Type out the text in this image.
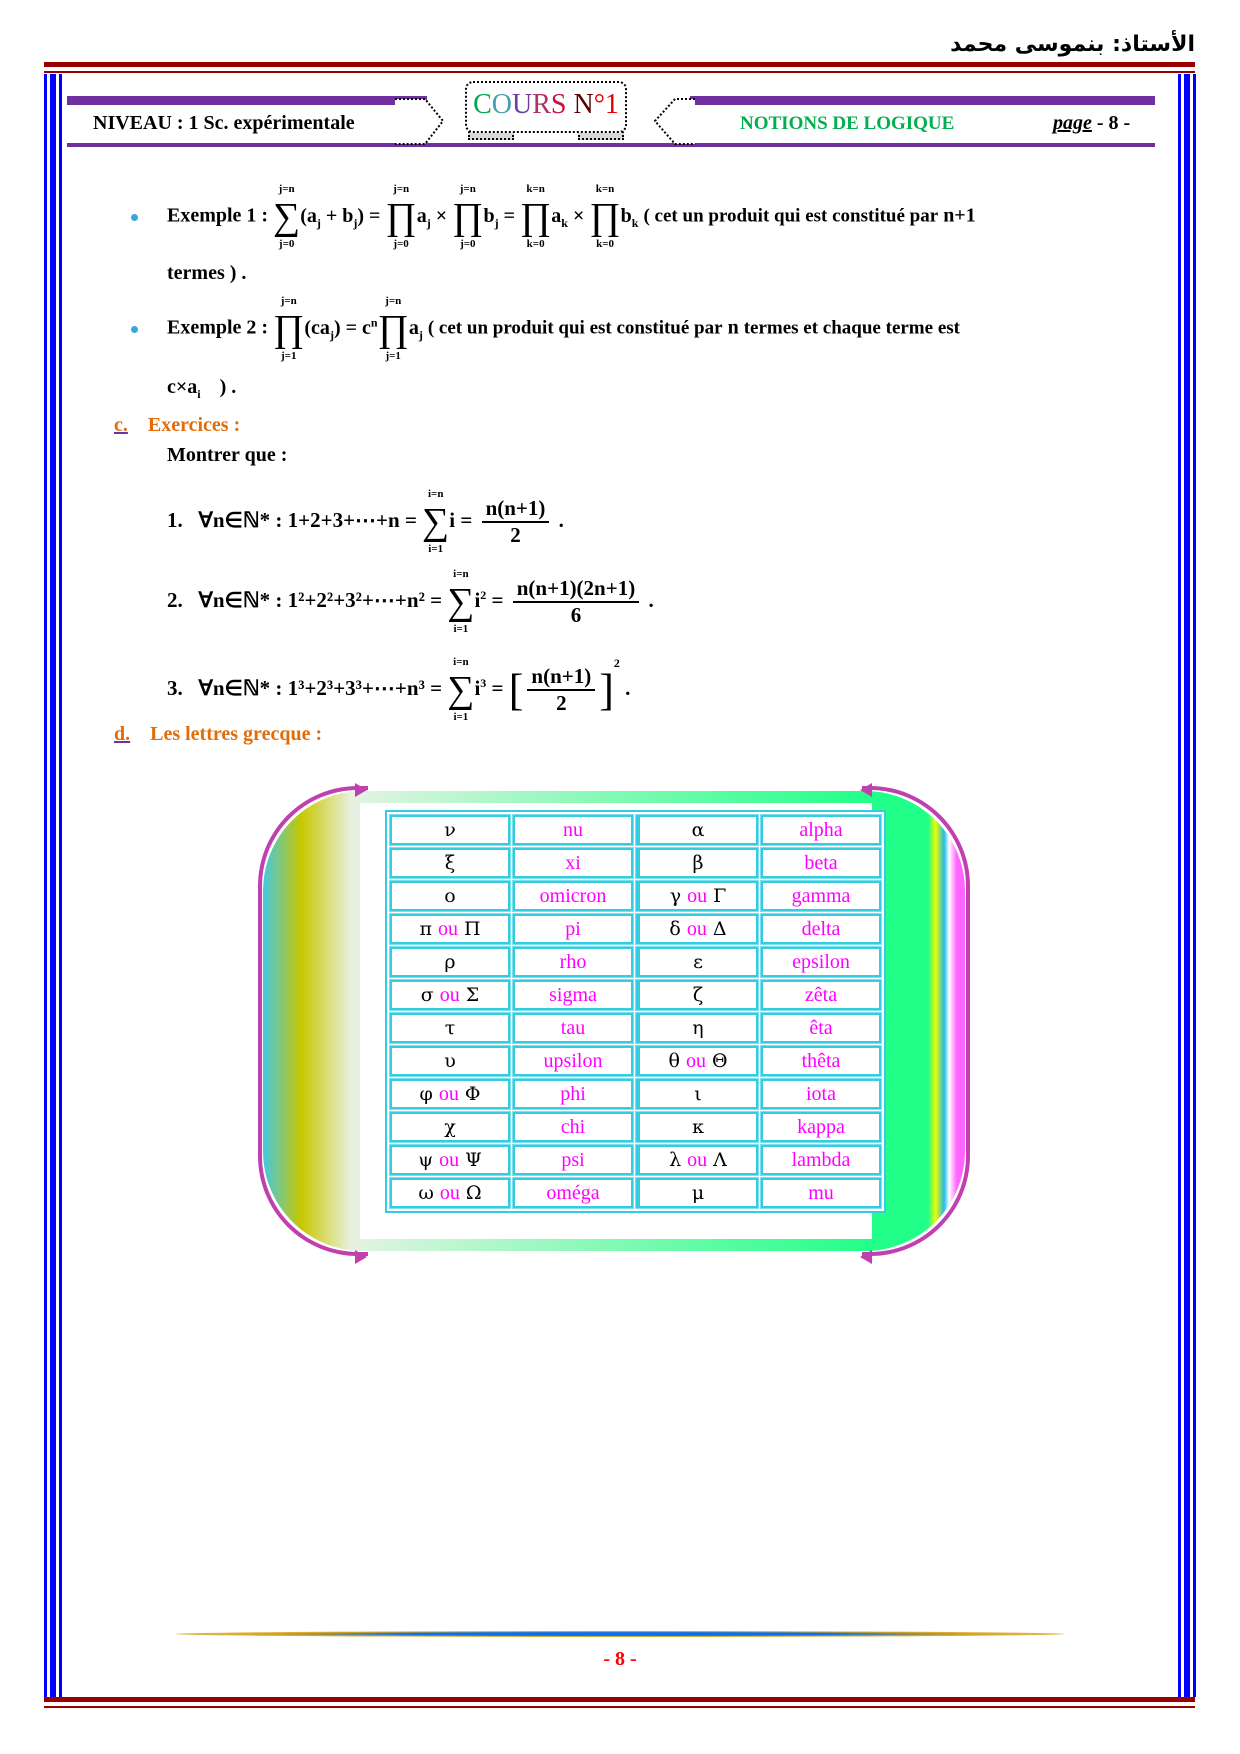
الأستاذ: بنموسى محمد
NIVEAU : 1 Sc. expérimentale
COURS N°1
NOTIONS DE LOGIQUE	page - 8 -
Exemple 1 : ∑
j=n
j=0
$(a_j + b_j)$ = ∏
j=n
j=0
$a_j$ × ∏
j=n
j=0
$b_j$ = ∏
k=n
k=0
$a_k$ × ∏
k=n
k=0
$b_k$ ( cet un produit qui est constitué par n+1
termes ) .
Exemple 2 : ∏
j=n
j=1
$(ca_j)$ = $c^n\prod$
j=n
j=1
$a_j$ ( cet un produit qui est constitué par n termes et chaque terme est
$c\times a_i$ ) .
c. Exercices :
Montrer que :
1. ∀n∈ℕ* : 1+2+3+⋯+n = ∑
i=n
i=1
$i = \frac{n(n+1)}{2}$ .
2. ∀n∈ℕ* : 1²+2²+3²+⋯+n² = ∑
i=n
i=1
$i^2 = \frac{n(n+1)(2n+1)}{6}$ .
3. ∀n∈ℕ* : 1³+2³+3³+⋯+n³ = ∑
i=n
i=1
$i^3$ = [ $\frac{n(n+1)}{2} ]^2$ .
d. Les lettres grecque :
ν	nu	α	alpha
ξ	xi	β	beta
ο	omicron	γ ou Γ	gamma
π ou Π	pi	δ ou Δ	delta
ρ	rho	ε	epsilon
σ ou Σ	sigma	ζ	zêta
τ	tau	η	êta
υ	upsilon	θ ou Θ	thêta
φ ou Φ	phi	ι	iota
χ	chi	κ	kappa
ψ ou Ψ	psi	λ ou Λ	lambda
ω ou Ω	oméga	μ	mu
- 8 -
